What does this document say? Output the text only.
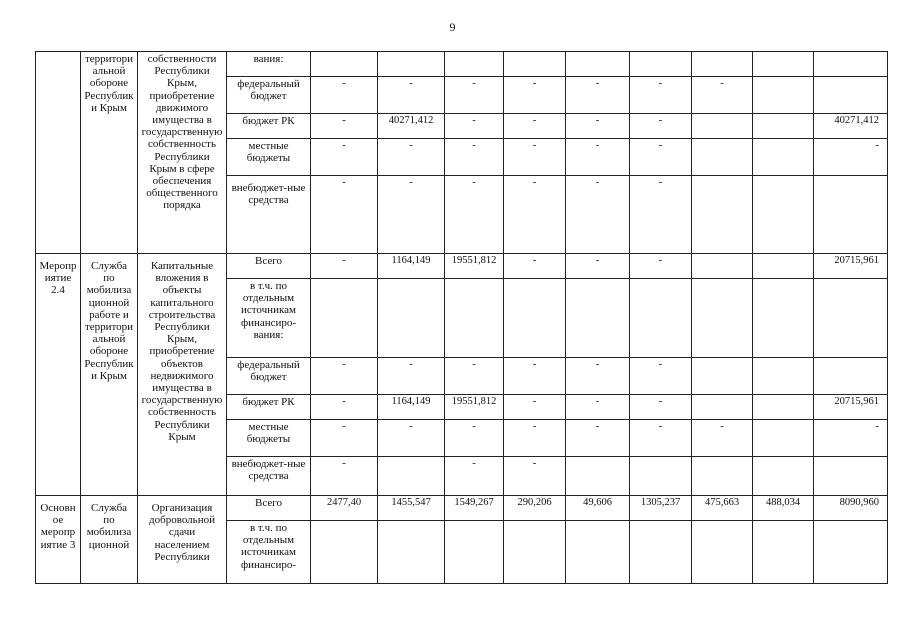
9
	территориальной обороне Республики Крым	собственности Республики Крым, приобретение движимого имущества в государственную собственность Республики Крым в сфере обеспечения общественного порядка	вания:									
			федеральный бюджет	-	-	-	-	-	-	-		
			бюджет РК	-	40271,412	-	-	-	-			40271,412
			местные бюджеты	-	-	-	-	-	-			-
			внебюджет-ные средства	-	-	-	-	-	-			
Мероприятие 2.4	Служба по мобилизационной работе и территориальной обороне Республики Крым	Капитальные вложения в объекты капитального строительства Республики Крым, приобретение объектов недвижимого имущества в государственную собственность Республики Крым	Всего	-	1164,149	19551,812	-	-	-			20715,961
			в т.ч. по отдельным источникам финансиро-вания:									
			федеральный бюджет	-	-	-	-	-	-			
			бюджет РК	-	1164,149	19551,812	-	-	-			20715,961
			местные бюджеты	-	-	-	-	-	-	-		-
			внебюджет-ные средства	-		-	-					
Основное мероприятие 3	Служба по мобилизационной	Организация добровольной сдачи населением Республики	Всего	2477,40	1455,547	1549,267	290,206	49,606	1305,237	475,663	488,034	8090,960
			в т.ч. по отдельным источникам финансиро-									
